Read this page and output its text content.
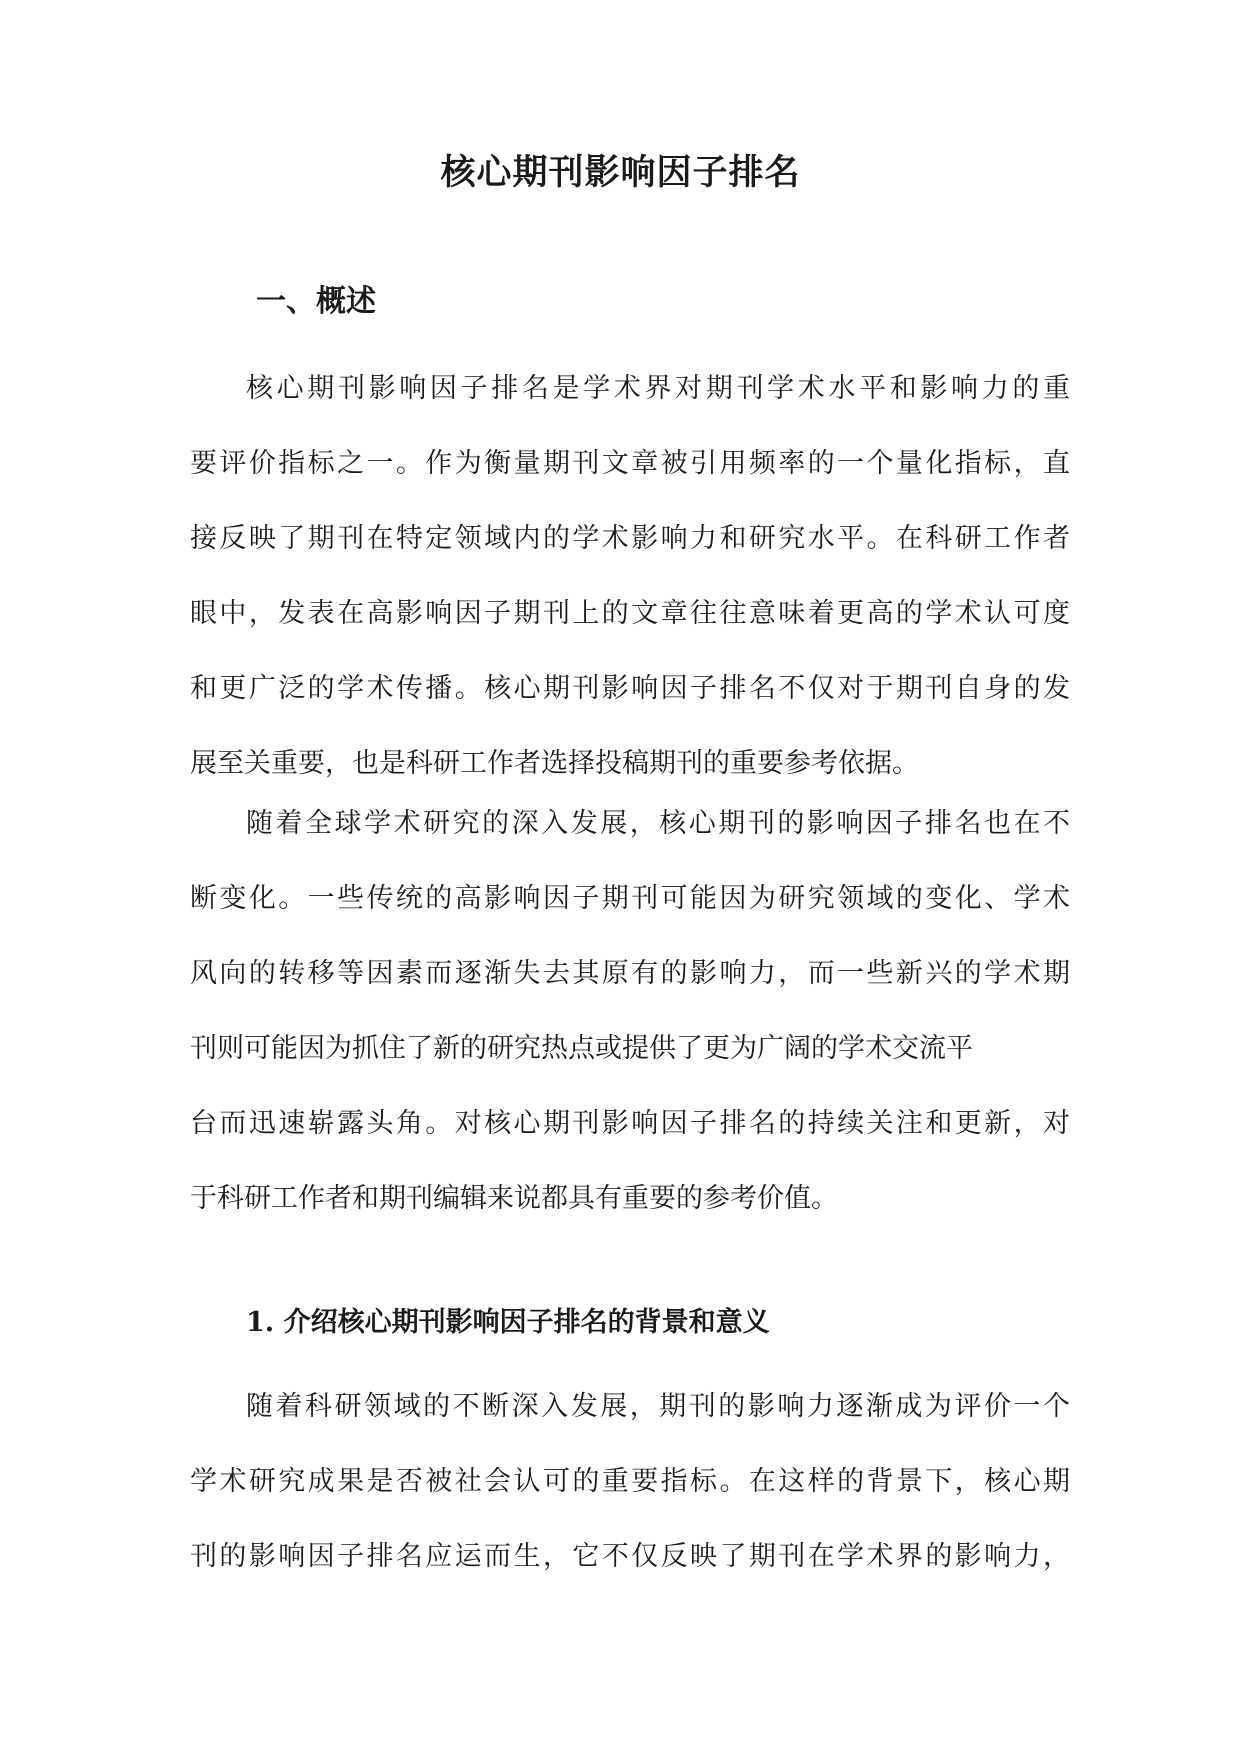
核心期刊影响因子排名
一、概述

核心期刊影响因子排名是学术界对期刊学术水平和影响力的重
要评价指标之一。作为衡量期刊文章被引用频率的一个量化指标，直
接反映了期刊在特定领域内的学术影响力和研究水平。在科研工作者
眼中，发表在高影响因子期刊上的文章往往意味着更高的学术认可度
和更广泛的学术传播。核心期刊影响因子排名不仅对于期刊自身的发
展至关重要，也是科研工作者选择投稿期刊的重要参考依据。

随着全球学术研究的深入发展，核心期刊的影响因子排名也在不
断变化。一些传统的高影响因子期刊可能因为研究领域的变化、学术
风向的转移等因素而逐渐失去其原有的影响力，而一些新兴的学术期
刊则可能因为抓住了新的研究热点或提供了更为广阔的学术交流平
台而迅速崭露头角。对核心期刊影响因子排名的持续关注和更新，对
于科研工作者和期刊编辑来说都具有重要的参考价值。

1. 介绍核心期刊影响因子排名的背景和意义

随着科研领域的不断深入发展，期刊的影响力逐渐成为评价一个
学术研究成果是否被社会认可的重要指标。在这样的背景下，核心期
刊的影响因子排名应运而生，它不仅反映了期刊在学术界的影响力，
